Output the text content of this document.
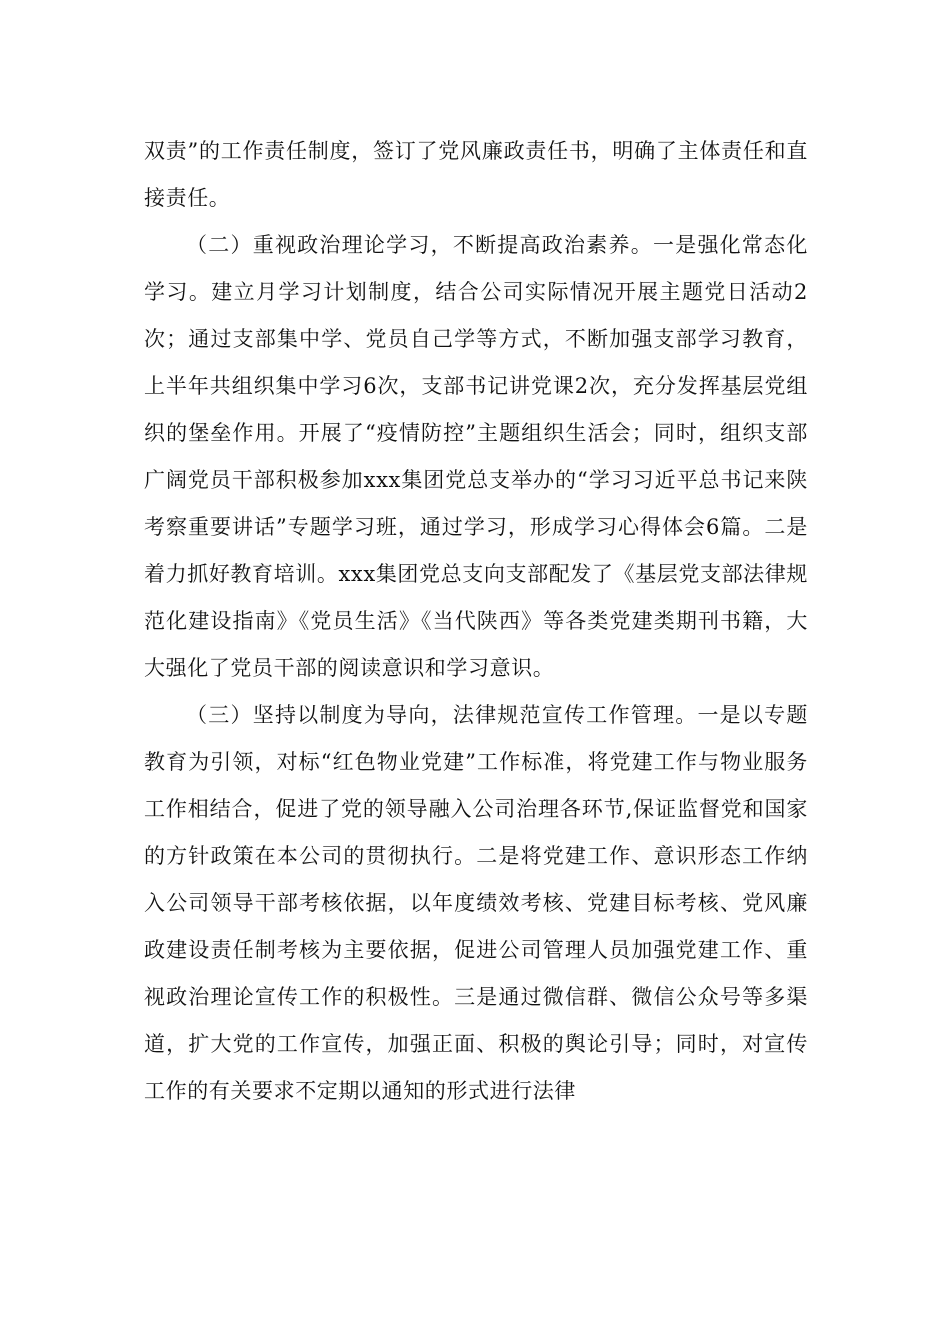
双责”的工作责任制度，签订了党风廉政责任书，明确了主体责任和直接责任。

（二）重视政治理论学习，不断提高政治素养。一是强化常态化学习。建立月学习计划制度，结合公司实际情况开展主题党日活动2次；通过支部集中学、党员自己学等方式，不断加强支部学习教育，上半年共组织集中学习6次，支部书记讲党课2次，充分发挥基层党组织的堡垒作用。开展了“疫情防控”主题组织生活会；同时，组织支部广阔党员干部积极参加xxx集团党总支举办的“学习习近平总书记来陕考察重要讲话”专题学习班，通过学习，形成学习心得体会6篇。二是着力抓好教育培训。xxx集团党总支向支部配发了《基层党支部法律规范化建设指南》《党员生活》《当代陕西》等各类党建类期刊书籍，大大强化了党员干部的阅读意识和学习意识。

（三）坚持以制度为导向，法律规范宣传工作管理。一是以专题教育为引领，对标“红色物业党建”工作标准，将党建工作与物业服务工作相结合，促进了党的领导融入公司治理各环节,保证监督党和国家的方针政策在本公司的贯彻执行。二是将党建工作、意识形态工作纳入公司领导干部考核依据，以年度绩效考核、党建目标考核、党风廉政建设责任制考核为主要依据，促进公司管理人员加强党建工作、重视政治理论宣传工作的积极性。三是通过微信群、微信公众号等多渠道，扩大党的工作宣传，加强正面、积极的舆论引导；同时，对宣传工作的有关要求不定期以通知的形式进行法律
